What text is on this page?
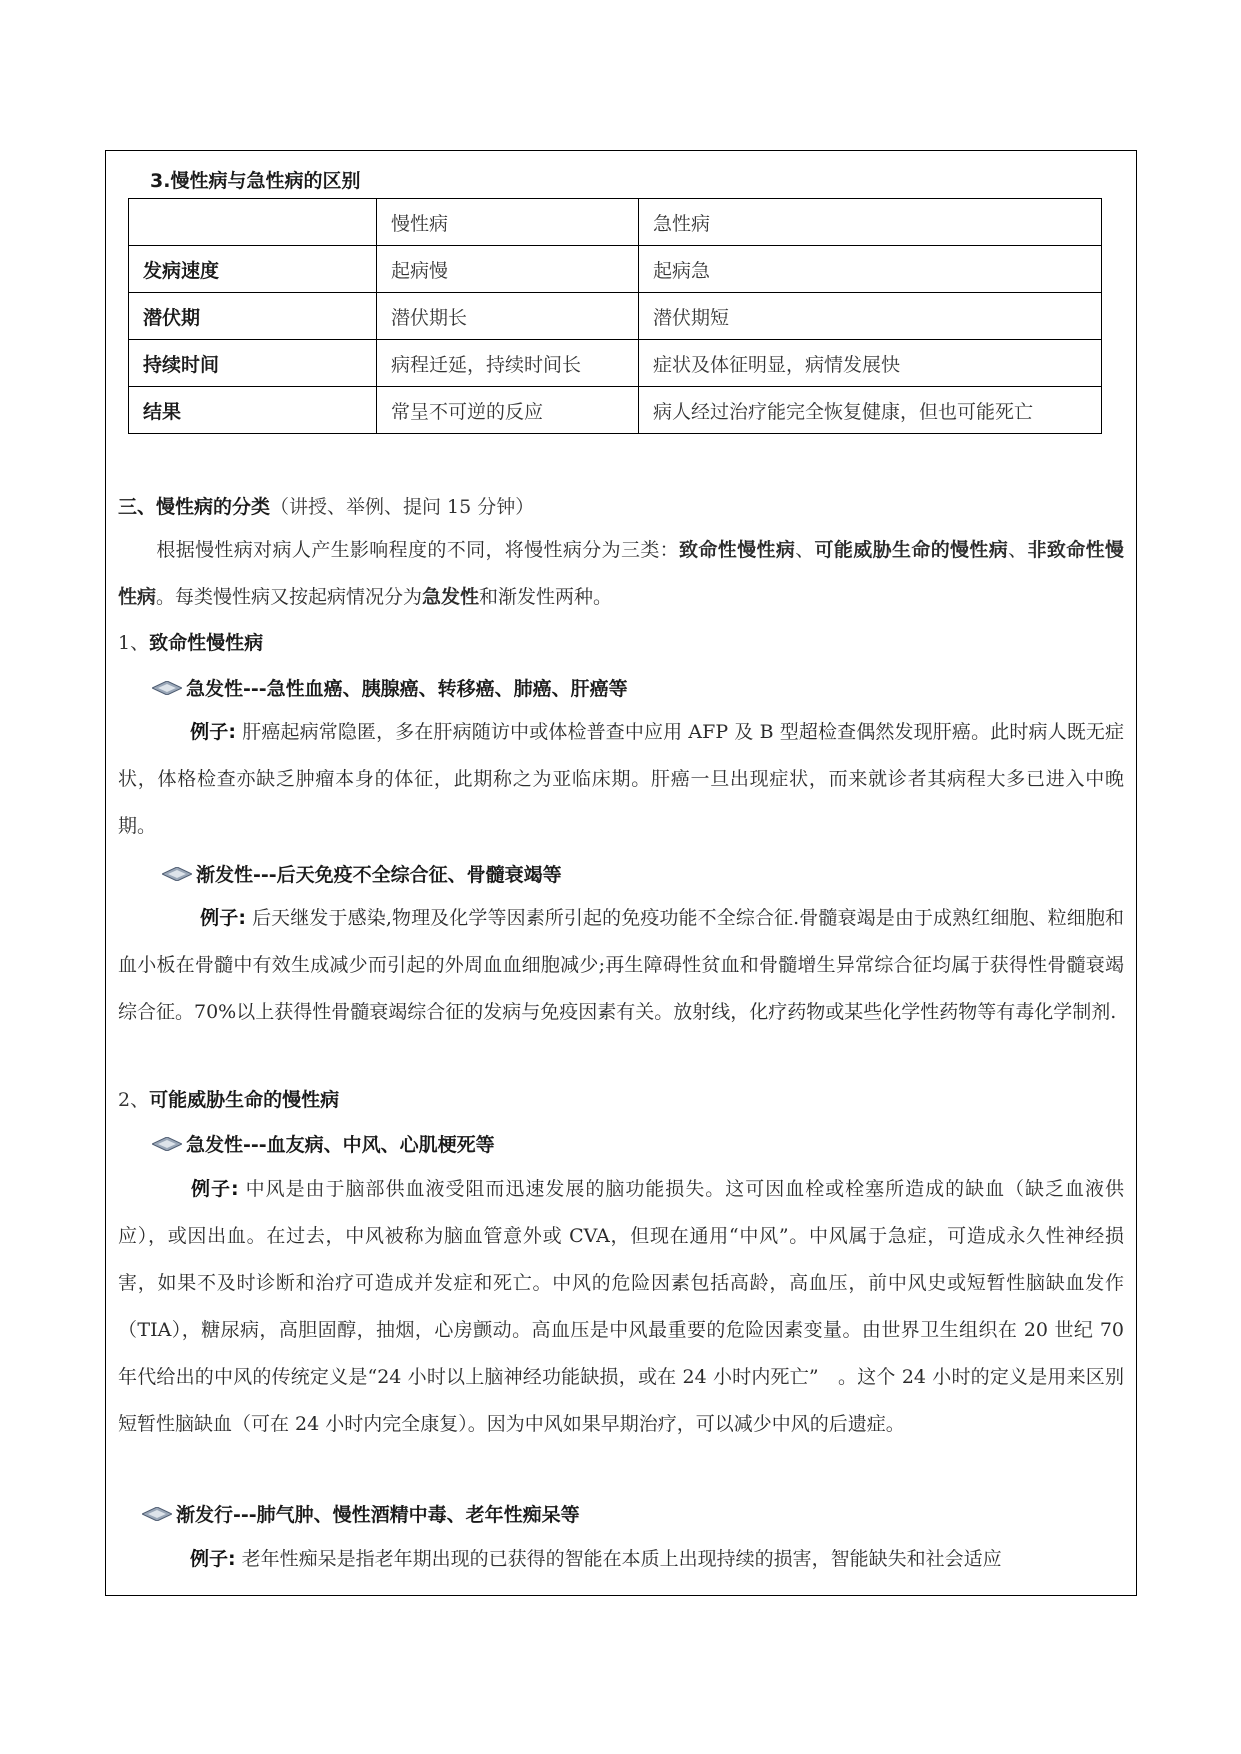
3.慢性病与急性病的区别
	慢性病	急性病
发病速度	起病慢	起病急
潜伏期	潜伏期长	潜伏期短
持续时间	病程迁延，持续时间长	症状及体征明显，病情发展快
结果	常呈不可逆的反应	病人经过治疗能完全恢复健康，但也可能死亡
三、慢性病的分类（讲授、举例、提问 15 分钟）
根据慢性病对病人产生影响程度的不同，将慢性病分为三类：致命性慢性病、可能威胁生命的慢性病、非致命性慢性病。每类慢性病又按起病情况分为急发性和渐发性两种。
1、致命性慢性病
急发性---急性血癌、胰腺癌、转移癌、肺癌、肝癌等
例子: 肝癌起病常隐匿，多在肝病随访中或体检普查中应用 AFP 及 B 型超检查偶然发现肝癌。此时病人既无症状，体格检查亦缺乏肿瘤本身的体征，此期称之为亚临床期。肝癌一旦出现症状，而来就诊者其病程大多已进入中晚期。
渐发性---后天免疫不全综合征、骨髓衰竭等
例子: 后天继发于感染,物理及化学等因素所引起的免疫功能不全综合征.骨髓衰竭是由于成熟红细胞、粒细胞和血小板在骨髓中有效生成减少而引起的外周血血细胞减少;再生障碍性贫血和骨髓增生异常综合征均属于获得性骨髓衰竭综合征。70%以上获得性骨髓衰竭综合征的发病与免疫因素有关。放射线，化疗药物或某些化学性药物等有毒化学制剂.
2、可能威胁生命的慢性病
急发性---血友病、中风、心肌梗死等
例子: 中风是由于脑部供血液受阻而迅速发展的脑功能损失。这可因血栓或栓塞所造成的缺血（缺乏血液供应），或因出血。在过去，中风被称为脑血管意外或 CVA，但现在通用“中风”。中风属于急症，可造成永久性神经损害，如果不及时诊断和治疗可造成并发症和死亡。中风的危险因素包括高龄，高血压，前中风史或短暂性脑缺血发作（TIA），糖尿病，高胆固醇，抽烟，心房颤动。高血压是中风最重要的危险因素变量。由世界卫生组织在 20 世纪 70 年代给出的中风的传统定义是“24 小时以上脑神经功能缺损，或在 24 小时内死亡”　。这个 24 小时的定义是用来区别短暂性脑缺血（可在 24 小时内完全康复）。因为中风如果早期治疗，可以减少中风的后遗症。
渐发行---肺气肿、慢性酒精中毒、老年性痴呆等
例子: 老年性痴呆是指老年期出现的已获得的智能在本质上出现持续的损害，智能缺失和社会适应
